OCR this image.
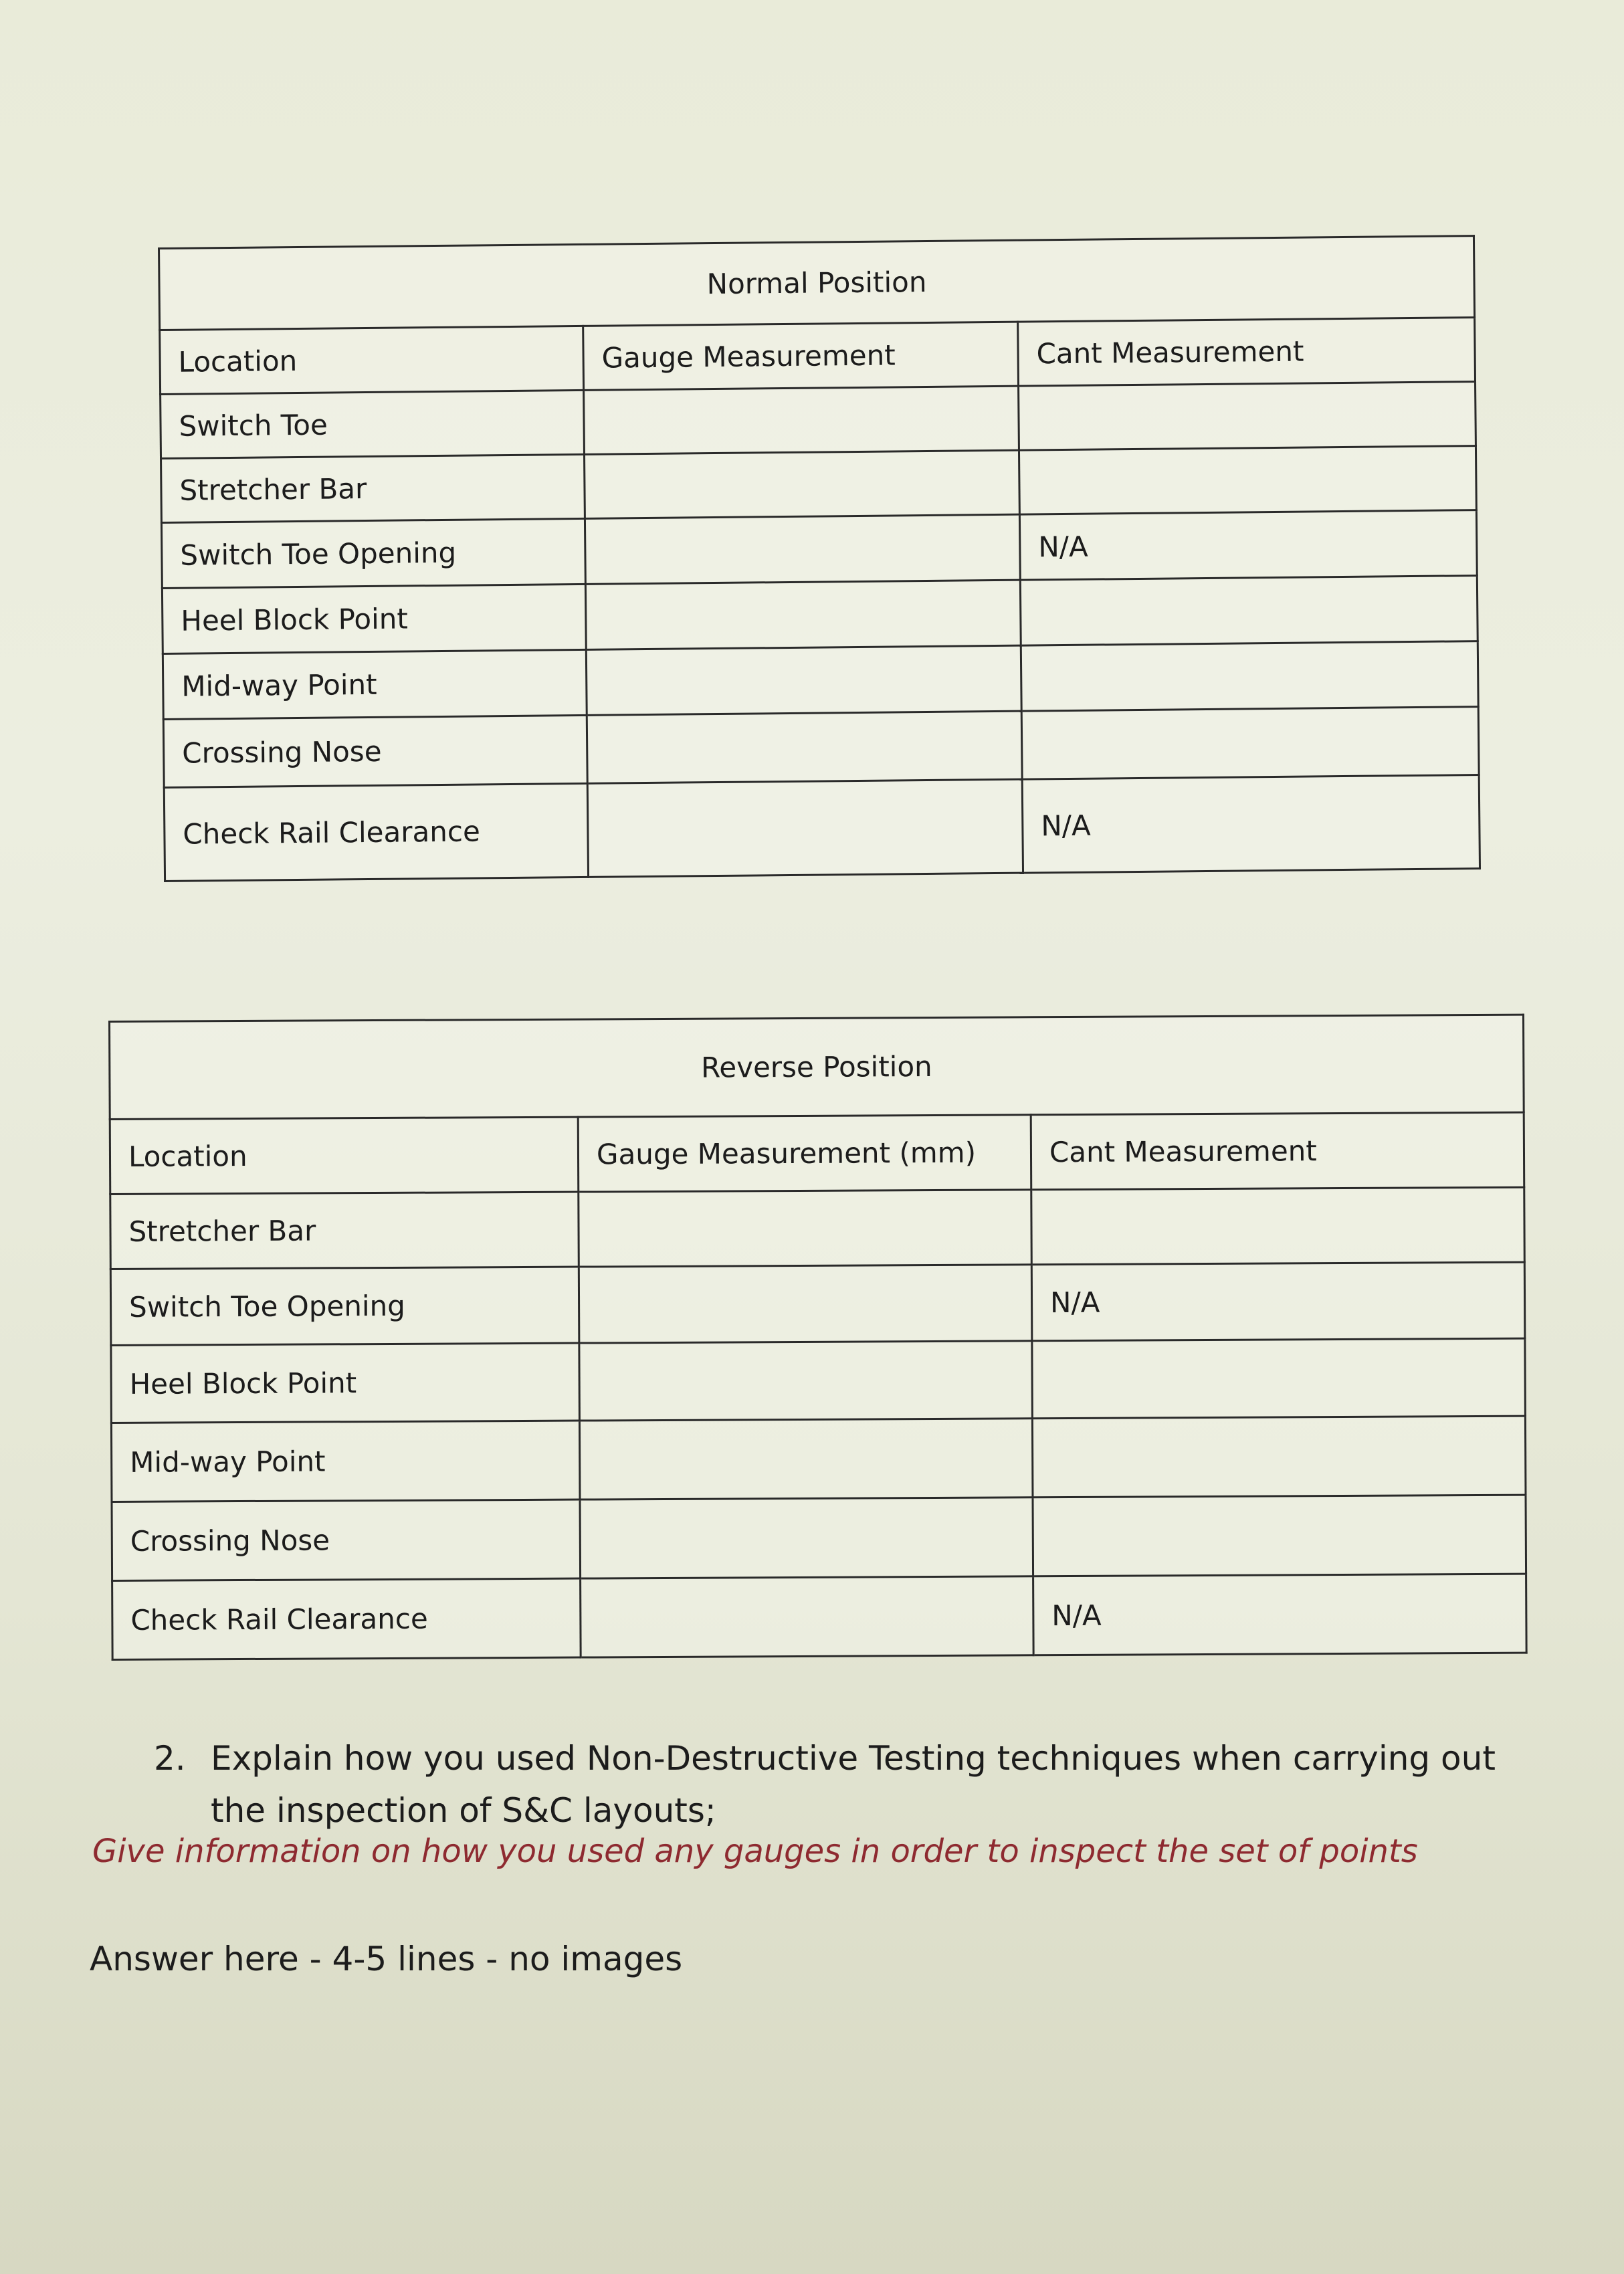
Normal Position		
Location	Gauge Measurement	Cant Measurement
Switch Toe		
Stretcher Bar		
Switch Toe Opening		N/A
Heel Block Point		
Mid-way Point		
Crossing Nose		
Check Rail Clearance		N/A
Reverse Position		
Location	Gauge Measurement (mm)	Cant Measurement
Stretcher Bar		
Switch Toe Opening		N/A
Heel Block Point		
Mid-way Point		
Crossing Nose		
Check Rail Clearance		N/A
2. Explain how you used Non-Destructive Testing techniques when carrying out the inspection of S&C layouts;
Give information on how you used any gauges in order to inspect the set of points
Answer here - 4-5 lines - no images
